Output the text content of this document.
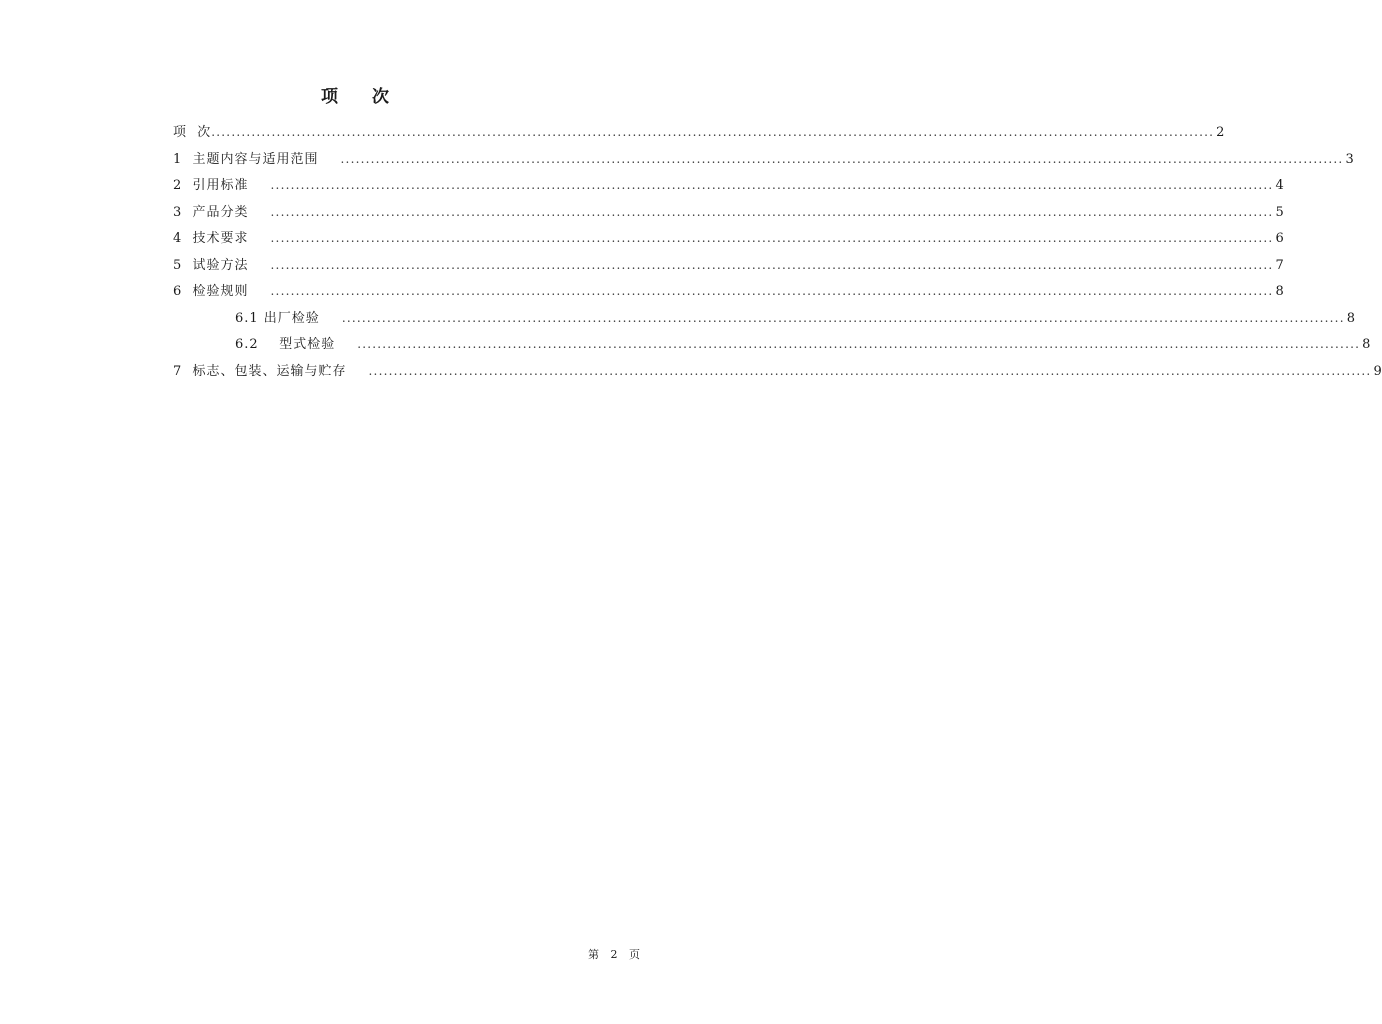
项 次
项  次 ........................................................................................................................................................................................................ 2
1  主题内容与适用范围 ........................................................................................................................................................................................................ 3
2  引用标准 ........................................................................................................................................................................................................ 4
3  产品分类 ........................................................................................................................................................................................................ 5
4  技术要求 ........................................................................................................................................................................................................ 6
5  试验方法 ........................................................................................................................................................................................................ 7
6  检验规则 ........................................................................................................................................................................................................ 8
6.1 出厂检验 ........................................................................................................................................................................................................ 8
6.2    型式检验 ........................................................................................................................................................................................................ 8
7  标志、包装、运输与贮存 ........................................................................................................................................................................................................ 9
第 2 页
